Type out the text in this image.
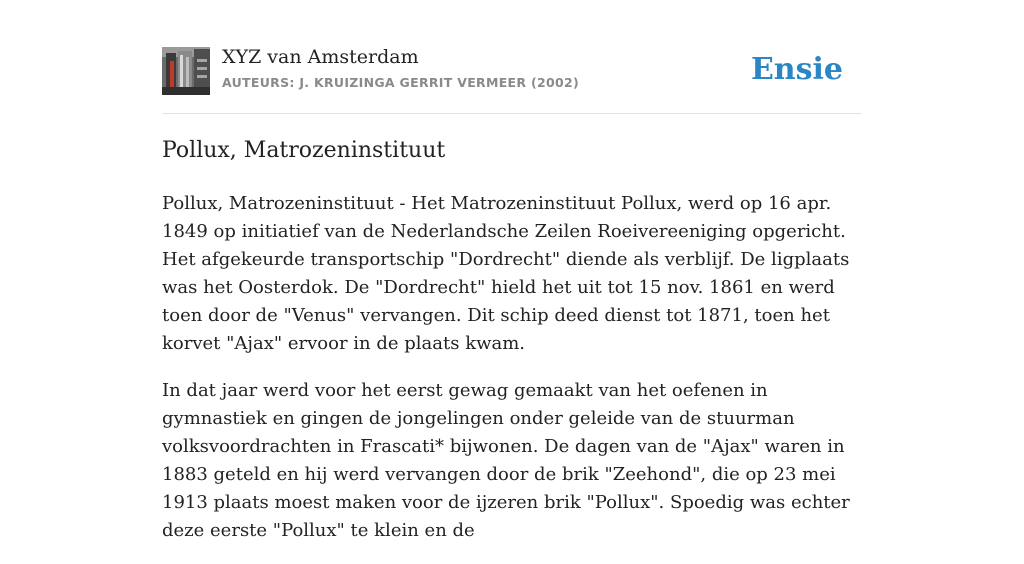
XYZ van Amsterdam
AUTEURS: J. KRUIZINGA GERRIT VERMEER (2002)	Ensie
Pollux, Matrozeninstituut

Pollux, Matrozeninstituut - Het Matrozeninstituut Pollux, werd op 16 apr. 1849 op initiatief van de Nederlandsche Zeilen Roeivereeniging opgericht. Het afgekeurde transportschip "Dordrecht" diende als verblijf. De ligplaats was het Oosterdok. De "Dordrecht" hield het uit tot 15 nov. 1861 en werd toen door de "Venus" vervangen. Dit schip deed dienst tot 1871, toen het korvet "Ajax" ervoor in de plaats kwam.

In dat jaar werd voor het eerst gewag gemaakt van het oefenen in gymnastiek en gingen de jongelingen onder geleide van de stuurman volksvoordrachten in Frascati* bijwonen. De dagen van de "Ajax" waren in 1883 geteld en hij werd vervangen door de brik "Zeehond", die op 23 mei 1913 plaats moest maken voor de ijzeren brik "Pollux". Spoedig was echter deze eerste "Pollux" te klein en de
